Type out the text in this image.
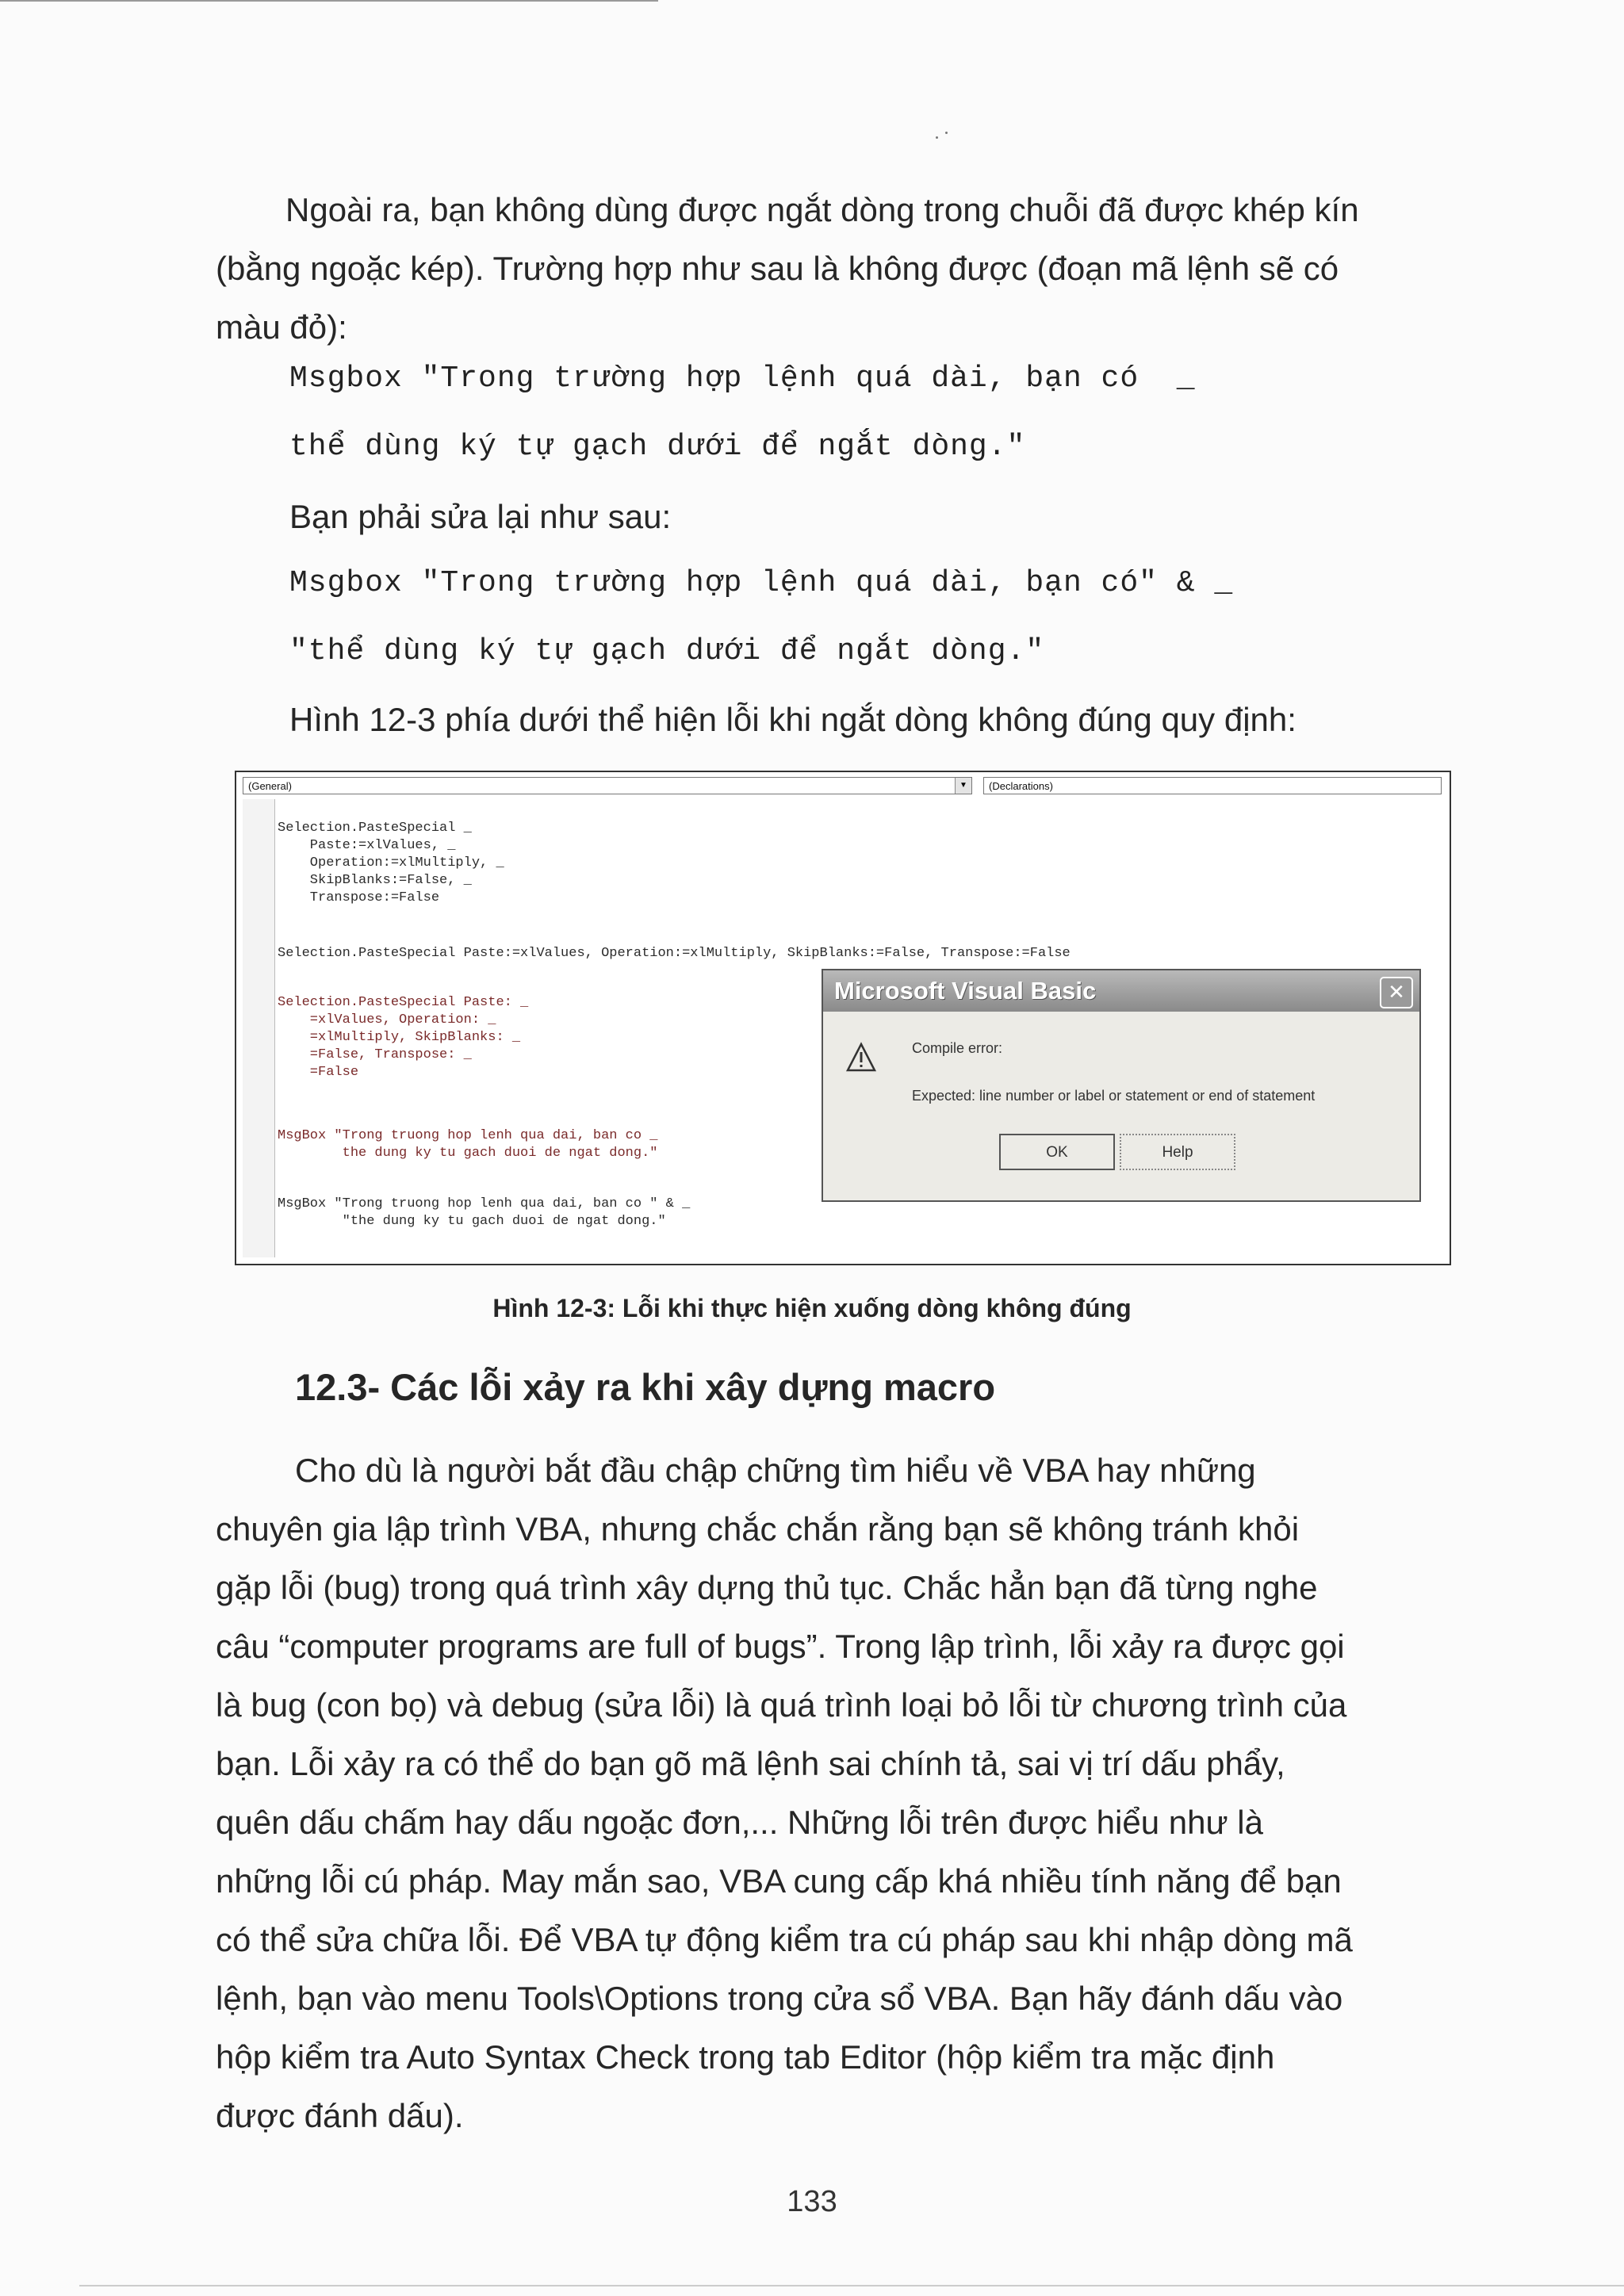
Ngoài ra, bạn không dùng được ngắt dòng trong chuỗi đã được khép kín
(bằng ngoặc kép). Trường hợp như sau là không được (đoạn mã lệnh sẽ có
màu đỏ):
Msgbox "Trong trường hợp lệnh quá dài, bạn có  _
thể dùng ký tự gạch dưới để ngắt dòng."
Bạn phải sửa lại như sau:
Msgbox "Trong trường hợp lệnh quá dài, bạn có" & _
"thể dùng ký tự gạch dưới để ngắt dòng."
Hình 12-3 phía dưới thể hiện lỗi khi ngắt dòng không đúng quy định:
(General)	▼	(Declarations)
Selection.PasteSpecial _
Paste:=xlValues, _
Operation:=xlMultiply, _
SkipBlanks:=False, _
Transpose:=False
Selection.PasteSpecial Paste:=xlValues, Operation:=xlMultiply, SkipBlanks:=False, Transpose:=False
Selection.PasteSpecial Paste: _
=xlValues, Operation: _
=xlMultiply, SkipBlanks: _
=False, Transpose: _
=False
MsgBox "Trong truong hop lenh qua dai, ban co _
the dung ky tu gach duoi de ngat dong."
MsgBox "Trong truong hop lenh qua dai, ban co " & _
"the dung ky tu gach duoi de ngat dong."
Microsoft Visual Basic	✕
Compile error:
Expected: line number or label or statement or end of statement
OK	Help
Hình 12-3: Lỗi khi thực hiện xuống dòng không đúng
12.3- Các lỗi xảy ra khi xây dựng macro
Cho dù là người bắt đầu chập chững tìm hiểu về VBA hay những
chuyên gia lập trình VBA, nhưng chắc chắn rằng bạn sẽ không tránh khỏi
gặp lỗi (bug) trong quá trình xây dựng thủ tục. Chắc hẳn bạn đã từng nghe
câu “computer programs are full of bugs”. Trong lập trình, lỗi xảy ra được gọi
là bug (con bọ) và debug (sửa lỗi) là quá trình loại bỏ lỗi từ chương trình của
bạn. Lỗi xảy ra có thể do bạn gõ mã lệnh sai chính tả, sai vị trí dấu phẩy,
quên dấu chấm hay dấu ngoặc đơn,... Những lỗi trên được hiểu như là
những lỗi cú pháp. May mắn sao, VBA cung cấp khá nhiều tính năng để bạn
có thể sửa chữa lỗi. Để VBA tự động kiểm tra cú pháp sau khi nhập dòng mã
lệnh, bạn vào menu Tools\Options trong cửa sổ VBA. Bạn hãy đánh dấu vào
hộp kiểm tra Auto Syntax Check trong tab Editor (hộp kiểm tra mặc định
được đánh dấu).
133
